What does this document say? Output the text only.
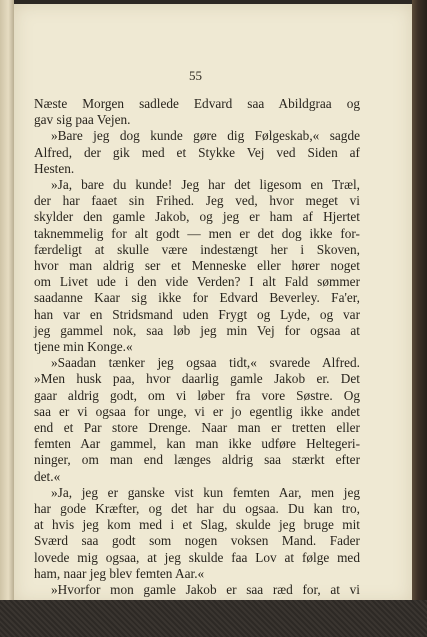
55

Næste Morgen sadlede Edvard saa Abildgraa og
gav sig paa Vejen.

»Bare jeg dog kunde gøre dig Følgeskab,« sagde
Alfred, der gik med et Stykke Vej ved Siden af
Hesten.

»Ja, bare du kunde! Jeg har det ligesom en Træl,
der har faaet sin Frihed. Jeg ved, hvor meget vi
skylder den gamle Jakob, og jeg er ham af Hjertet
taknemmelig for alt godt — men er det dog ikke for-
færdeligt at skulle være indestængt her i Skoven,
hvor man aldrig ser et Menneske eller hører noget
om Livet ude i den vide Verden? I alt Fald sømmer
saadanne Kaar sig ikke for Edvard Beverley. Fa'er,
han var en Stridsmand uden Frygt og Lyde, og var
jeg gammel nok, saa løb jeg min Vej for ogsaa at
tjene min Konge.«

»Saadan tænker jeg ogsaa tidt,« svarede Alfred.
»Men husk paa, hvor daarlig gamle Jakob er. Det
gaar aldrig godt, om vi løber fra vore Søstre. Og
saa er vi ogsaa for unge, vi er jo egentlig ikke andet
end et Par store Drenge. Naar man er tretten eller
femten Aar gammel, kan man ikke udføre Heltegeri-
ninger, om man end længes aldrig saa stærkt efter
det.«

»Ja, jeg er ganske vist kun femten Aar, men jeg
har gode Kræfter, og det har du ogsaa. Du kan tro,
at hvis jeg kom med i et Slag, skulde jeg bruge mit
Sværd saa godt som nogen voksen Mand. Fader
lovede mig ogsaa, at jeg skulde faa Lov at følge med
ham, naar jeg blev femten Aar.«

»Hvorfor mon gamle Jakob er saa ræd for, at vi
